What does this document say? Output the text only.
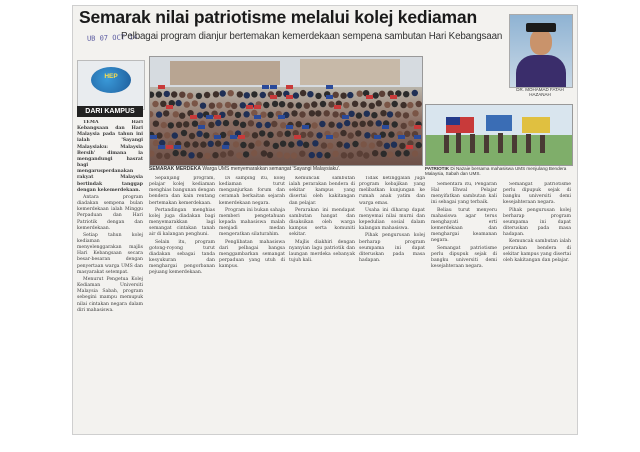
Semarak nilai patriotisme melalui kolej kediaman
UB 07 OCT 14
Pelbagai program dianjur bertemakan kemerdekaan sempena sambutan Hari Kebangsaan
HEP
DARI KAMPUS
DR. MOHAMAD FATAH HAZANAH
SEMARAK MERDEKA Warga UMS menyemarakkan semangat 'Sayangi Malaysiaku'.	PATRIOTIK Di Nazaie bersama mahasiswa UMS menjulang Bendera Malaysia, Sabah dan UMS.

TEMA Hari Kebangsaan dan Hari Malaysia pada tahun ini ialah 'Sayangi Malaysiaku: Malaysia Bersih' dimana ia mengandungi hasrat bagi mengarusperdanakan rakyat Malaysia bertindak tanggap dengan kekemerdekaan.

Antara program diadakan sempena bulan kemerdekaan ialah Minggu Perpaduan dan Hari Patriotik dengan dan kemerdekaan.

Setiap tahun kolej kediaman menyelenggarakan majlis Hari Kebangsaan secara besar-besaran dengan penyertaan warga UMS dan masyarakat setempat.

Menurut Pengetua Kolej Kediaman Universiti Malaysia Sabah, program sebegini mampu memupuk nilai cintakan negara dalam diri mahasiswa.

Sepanjang program, pelajar kolej kediaman menghias bangunan dengan bendera dan kain rentang bertemakan kemerdekaan.

Pertandingan menghias kolej juga diadakan bagi menyemarakkan lagi semangat cintakan tanah air di kalangan penghuni.

Selain itu, program gotong-royong turut diadakan sebagai tanda kesyukuran dan menghargai pengorbanan pejuang kemerdekaan.

Di samping itu, kolej kediaman turut menganjurkan forum dan ceramah berkaitan sejarah kemerdekaan negara.

Program ini bukan sahaja memberi pengetahuan kepada mahasiswa malah menjadi medan mengeratkan silaturahim.

Penglibatan mahasiswa dari pelbagai bangsa menggambarkan semangat perpaduan yang utuh di kampus.

Kemuncak sambutan ialah perarakan bendera di sekitar kampus yang disertai oleh kakitangan dan pelajar.

Perarakan ini mendapat sambutan hangat dan disaksikan oleh warga kampus serta komuniti sekitar.

Majlis diakhiri dengan nyanyian lagu patriotik dan laungan merdeka sebanyak tujuh kali.

Tidak ketinggalan juga program kebajikan yang melibatkan kunjungan ke rumah anak yatim dan warga emas.

Usaha ini diharap dapat menyemai nilai murni dan kepedulian sosial dalam kalangan mahasiswa.

Pihak pengurusan kolej berharap program seumpama ini dapat diteruskan pada masa hadapan.

Sementara itu, Pengarah Hal Ehwal Pelajar menyifatkan sambutan kali ini sebagai yang terbaik.

Beliau turut menyeru mahasiswa agar terus menghayati erti kemerdekaan dan menghargai keamanan negara.

Semangat patriotisme perlu dipupuk sejak di bangku universiti demi kesejahteraan negara.

Semangat patriotisme perlu dipupuk sejak di bangku universiti demi kesejahteraan negara.

Pihak pengurusan kolej berharap program seumpama ini dapat diteruskan pada masa hadapan.

Kemuncak sambutan ialah perarakan bendera di sekitar kampus yang disertai oleh kakitangan dan pelajar.
